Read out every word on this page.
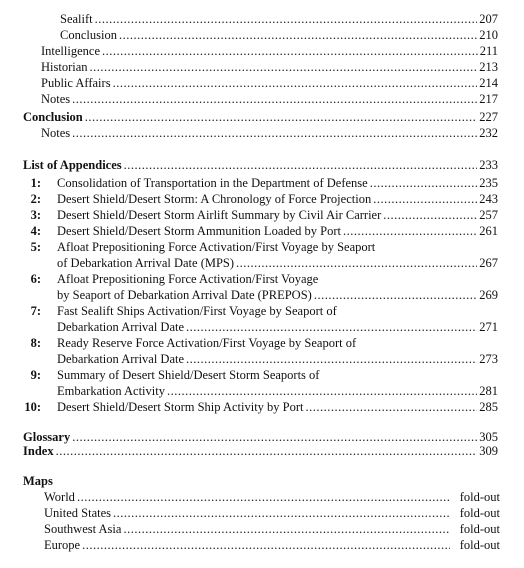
Sealift .....	207
Conclusion .....	210
Intelligence .....	211
Historian .....	213
Public Affairs .....	214
Notes .....	217
Conclusion .....	227
Notes .....	232
List of Appendices .....	233
1: Consolidation of Transportation in the Department of Defense .....	235
2: Desert Shield/Desert Storm: A Chronology of Force Projection .....	243
3: Desert Shield/Desert Storm Airlift Summary by Civil Air Carrier .....	257
4: Desert Shield/Desert Storm Ammunition Loaded by Port .....	261
5: Afloat Prepositioning Force Activation/First Voyage by Seaport
of Debarkation Arrival Date (MPS) .....	267
6: Afloat Prepositioning Force Activation/First Voyage
by Seaport of Debarkation Arrival Date (PREPOS) .....	269
7: Fast Sealift Ships Activation/First Voyage by Seaport of
Debarkation Arrival Date .....	271
8: Ready Reserve Force Activation/First Voyage by Seaport of
Debarkation Arrival Date .....	273
9: Summary of Desert Shield/Desert Storm Seaports of
Embarkation Activity .....	281
10: Desert Shield/Desert Storm Ship Activity by Port .....	285
Glossary .....	305
Index .....	309
Maps
World .....	fold-out
United States .....	fold-out
Southwest Asia .....	fold-out
Europe .....	fold-out
